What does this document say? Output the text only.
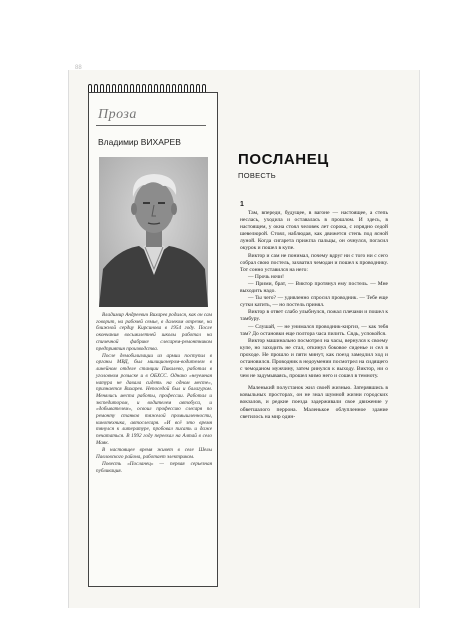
88
Проза
Владимир ВИХАРЕВ

Владимир Андреевич Вихарев родился, как он сам говорит, на рабочей семье, в далеком отрезке, на ближной сердцу Кирсинова в 1954 году. После окончания восьмилетней школы работал на спичечной фабрике слесарем-ремонтником предприятия производства.

После демобилизации из армии поступил в органы МВД, был милиционером-водителем в линейном отделе станции Пикалево, работал в уголовном розыске и в ОБХСС. Однако «неуемная натура не давала сидеть на одном месте», признается Вихарев. Непоседой был и балагуром. Менялись места работы, профессии. Работал и экспедитором, и водителем автобуса, и «добывателем», освоил профессию слесаря по ремонту станков тяжелой промышленности, кинотехника, автослесаря. «И всё это время тянулся к литературе, пробовал писать и даже печататься. В 1992 году переехал на Алтай в село Маяк.

В настоящее время живет в селе Шелы Павловского района, работает электриком.

Повесть «Посланец» — первая серьезная публикация.

ПОСЛАНЕЦ
ПОВЕСТЬ
1

Там, впереди, будущее, в вагоне — настоящее, а степь неслась, уходила и оставалась в прошлом. И здесь, в настоящем, у окна стоял человек лет сорока, с изрядно седой шевелюрой. Стоял, наблюдая, как движется степь под ясной луной. Когда сигарета прижгла пальцы, он очнулся, погасил окурок и пошел в купе.

Виктор и сам не понимал, почему вдруг ни с того ни с сего собрал свою постель, захватил чемодан и пошел к проводнику. Тот сонно уставился на него:

— Прочь ночи!

— Прими, брат, — Виктор протянул ему постель. — Мне выходить надо.

— Ты чего? — удивленно спросил проводник. — Тебе еще сутки катить, — но постель принял.

Виктор в ответ слабо улыбнулся, пожал плечами и пошел к тамбуру.

— Слушай, — не унимался проводник-киргиз, — как тебя там? До остановки еще полтора часа пилить. Сядь, успокойся.

Виктор машинально посмотрел на часы, вернулся к своему купе, но заходить не стал, откинул боковое сиденье и сел в проходе. Не прошло и пяти минут, как поезд замедлил ход и остановился. Проводник в недоумении посмотрел на сидящего с чемоданом мужчину, затем ринулся к выходу. Виктор, ни о чем не задумываясь, прошел мимо него и сошел в темноту.

Маленький полустанок жил своей жизнью. Затерявшись в ковыльных просторах, он не знал шумной жизни городских вокзалов, и редкие поезда задерживали свое движение у обветшалого перрона. Маленькое облупленное здание светилось на мир один-
